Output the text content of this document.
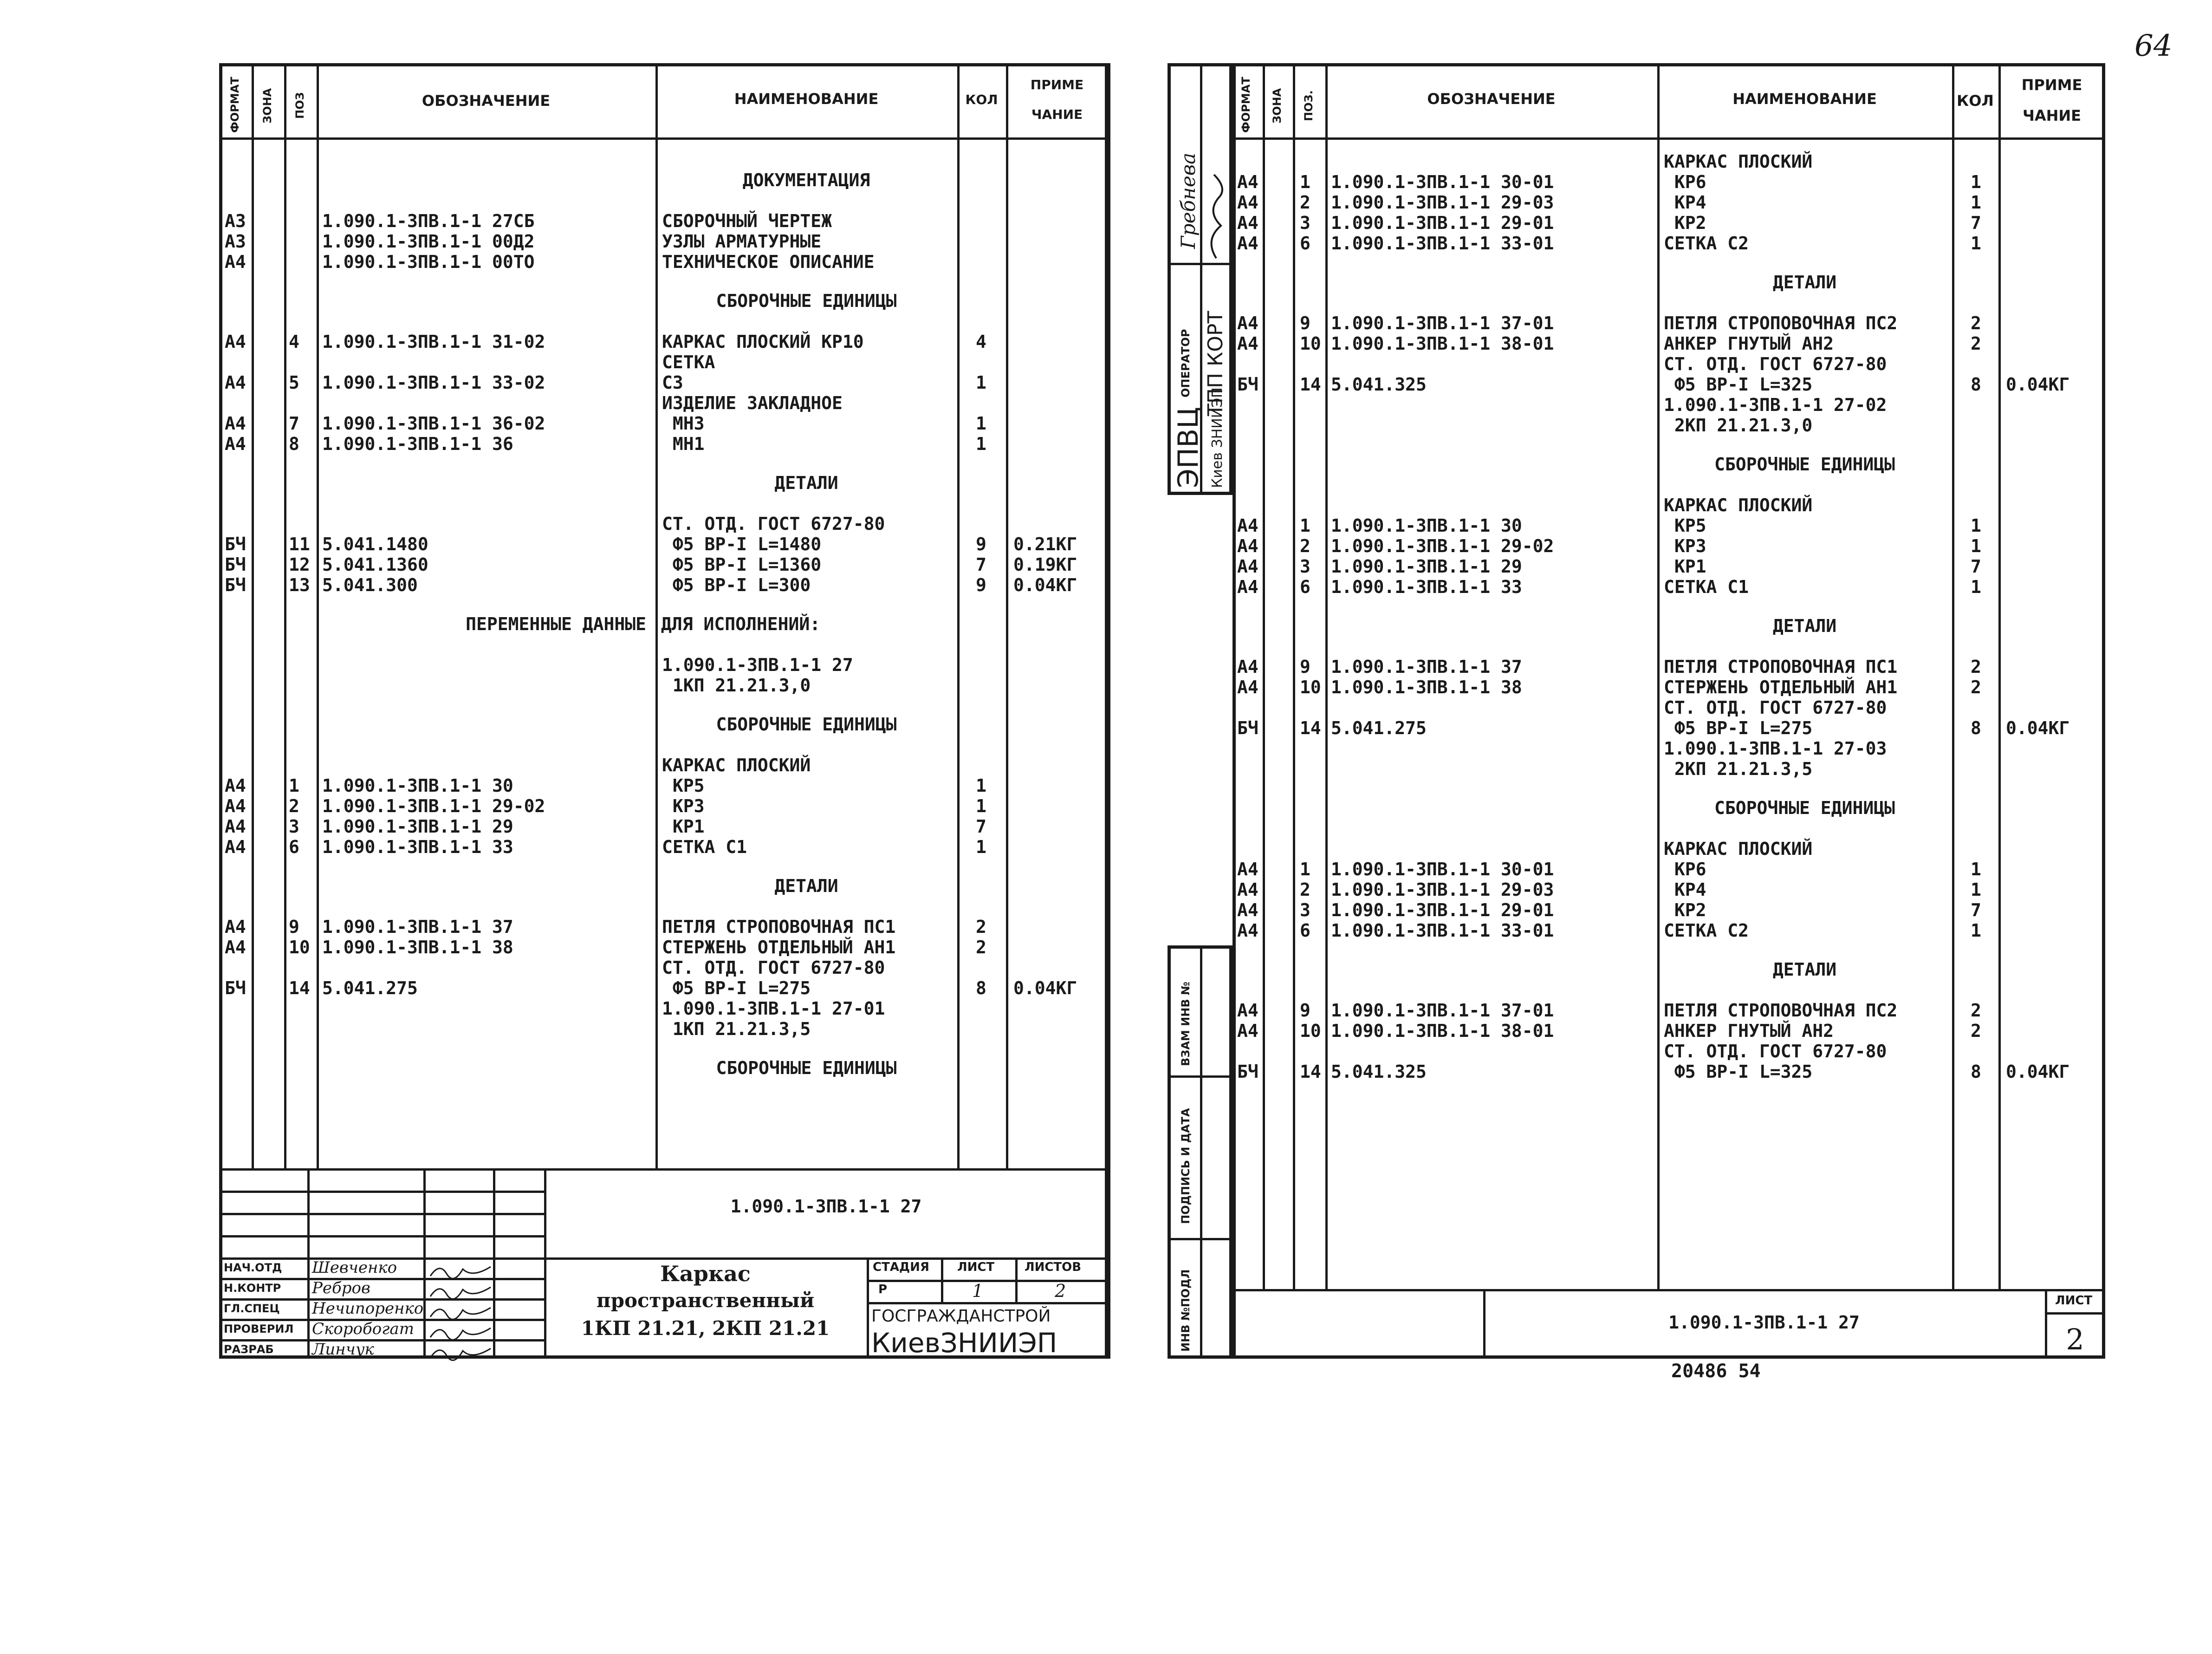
64
ФОРМАТ ЗОНА ПОЗ	ОБОЗНАЧЕНИЕ	НАИМЕНОВАНИЕ	КОЛ
ПРИМЕ
ЧАНИЕ
ДОКУМЕНТАЦИЯ
А3	1.090.1-3ПВ.1-1 27СБ	СБОРОЧНЫЙ ЧЕРТЕЖ
А3	1.090.1-3ПВ.1-1 00Д2	УЗЛЫ АРМАТУРНЫЕ
А4	1.090.1-3ПВ.1-1 00ТО	ТЕХНИЧЕСКОЕ ОПИСАНИЕ
СБОРОЧНЫЕ ЕДИНИЦЫ
А4 4 1.090.1-3ПВ.1-1 31-02	КАРКАС ПЛОСКИЙ КР10	4
СЕТКА
А4 5 1.090.1-3ПВ.1-1 33-02	С3	1
ИЗДЕЛИЕ ЗАКЛАДНОЕ
А4 7 1.090.1-3ПВ.1-1 36-02	МН3	1
А4 8 1.090.1-3ПВ.1-1 36	МН1	1
ДЕТАЛИ
СТ. ОТД. ГОСТ 6727-80
БЧ 11 5.041.1480	Ф5 ВР-I L=1480	9 0.21КГ
БЧ 12 5.041.1360	Ф5 ВР-I L=1360	7 0.19КГ
БЧ 13 5.041.300	Ф5 ВР-I L=300	9 0.04КГ
ПЕРЕМЕННЫЕ ДАННЫЕ ДЛЯ ИСПОЛНЕНИЙ:
1.090.1-3ПВ.1-1 27
1КП 21.21.3,0
СБОРОЧНЫЕ ЕДИНИЦЫ
КАРКАС ПЛОСКИЙ
А4 1 1.090.1-3ПВ.1-1 30	КР5	1
А4 2 1.090.1-3ПВ.1-1 29-02	КР3	1
А4 3 1.090.1-3ПВ.1-1 29	КР1	7
А4 6 1.090.1-3ПВ.1-1 33	СЕТКА С1	1
ДЕТАЛИ
А4 9 1.090.1-3ПВ.1-1 37	ПЕТЛЯ СТРОПОВОЧНАЯ ПС1	2
А4 10 1.090.1-3ПВ.1-1 38	СТЕРЖЕНЬ ОТДЕЛЬНЫЙ АН1	2
СТ. ОТД. ГОСТ 6727-80
БЧ 14 5.041.275	Ф5 ВР-I L=275	8 0.04КГ
1.090.1-3ПВ.1-1 27-01
1КП 21.21.3,5
СБОРОЧНЫЕ ЕДИНИЦЫ
1.090.1-3ПВ.1-1 27
Каркас
пространственный
1КП 21.21, 2КП 21.21
СТАДИЯ ЛИСТ ЛИСТОВ
Р	1	2
ГОСГРАЖДАНСТРОЙ
КиевЗНИИЭП
НАЧ.ОТД Шевченко
Н.КОНТР Ребров
ГЛ.СПЕЦ Нечипоренко
ПРОВЕРИЛ Скоробогат
РАЗРАБ Линчук
Гребнева
ОПЕРАТОР ТПП КОРТ
ЭПВЦ Киев ЗНИИЭП
ВЗАМ ИНВ №
ПОДПИСЬ И ДАТА
ИНВ №ПОДЛ
ФОРМАТ ЗОНА ПОЗ.	ОБОЗНАЧЕНИЕ	НАИМЕНОВАНИЕ	КОЛ
ПРИМЕ
ЧАНИЕ
КАРКАС ПЛОСКИЙ
А4 1 1.090.1-3ПВ.1-1 30-01	КР6	1
А4 2 1.090.1-3ПВ.1-1 29-03	КР4	1
А4 3 1.090.1-3ПВ.1-1 29-01	КР2	7
А4 6 1.090.1-3ПВ.1-1 33-01	СЕТКА С2	1
ДЕТАЛИ
А4 9 1.090.1-3ПВ.1-1 37-01	ПЕТЛЯ СТРОПОВОЧНАЯ ПС2	2
А4 10 1.090.1-3ПВ.1-1 38-01	АНКЕР ГНУТЫЙ АН2	2
СТ. ОТД. ГОСТ 6727-80
БЧ 14 5.041.325	Ф5 ВР-I L=325	8 0.04КГ
1.090.1-3ПВ.1-1 27-02
2КП 21.21.3,0
СБОРОЧНЫЕ ЕДИНИЦЫ
КАРКАС ПЛОСКИЙ
А4 1 1.090.1-3ПВ.1-1 30	КР5	1
А4 2 1.090.1-3ПВ.1-1 29-02	КР3	1
А4 3 1.090.1-3ПВ.1-1 29	КР1	7
А4 6 1.090.1-3ПВ.1-1 33	СЕТКА С1	1
ДЕТАЛИ
А4 9 1.090.1-3ПВ.1-1 37	ПЕТЛЯ СТРОПОВОЧНАЯ ПС1	2
А4 10 1.090.1-3ПВ.1-1 38	СТЕРЖЕНЬ ОТДЕЛЬНЫЙ АН1	2
СТ. ОТД. ГОСТ 6727-80
БЧ 14 5.041.275	Ф5 ВР-I L=275	8 0.04КГ
1.090.1-3ПВ.1-1 27-03
2КП 21.21.3,5
СБОРОЧНЫЕ ЕДИНИЦЫ
КАРКАС ПЛОСКИЙ
А4 1 1.090.1-3ПВ.1-1 30-01	КР6	1
А4 2 1.090.1-3ПВ.1-1 29-03	КР4	1
А4 3 1.090.1-3ПВ.1-1 29-01	КР2	7
А4 6 1.090.1-3ПВ.1-1 33-01	СЕТКА С2	1
ДЕТАЛИ
А4 9 1.090.1-3ПВ.1-1 37-01	ПЕТЛЯ СТРОПОВОЧНАЯ ПС2	2
А4 10 1.090.1-3ПВ.1-1 38-01	АНКЕР ГНУТЫЙ АН2	2
СТ. ОТД. ГОСТ 6727-80
БЧ 14 5.041.325	Ф5 ВР-I L=325	8 0.04КГ
1.090.1-3ПВ.1-1 27
ЛИСТ
2
20486 54
